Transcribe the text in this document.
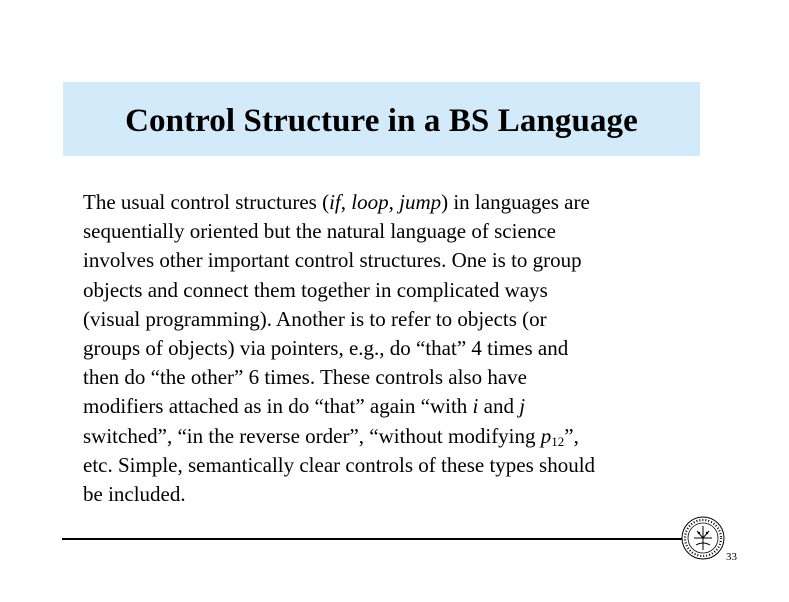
Control Structure in a BS Language
The usual control structures (if, loop, jump) in languages are
sequentially oriented but the natural language of science
involves other important control structures. One is to group
objects and connect them together in complicated ways
(visual programming). Another is to refer to objects (or
groups of objects) via pointers, e.g., do “that” 4 times and
then do “the other” 6 times. These controls also have
modifiers attached as in do “that” again “with i and j
switched”, “in the reverse order”, “without modifying $p_{12}$”,
etc. Simple, semantically clear controls of these types should
be included.
33
